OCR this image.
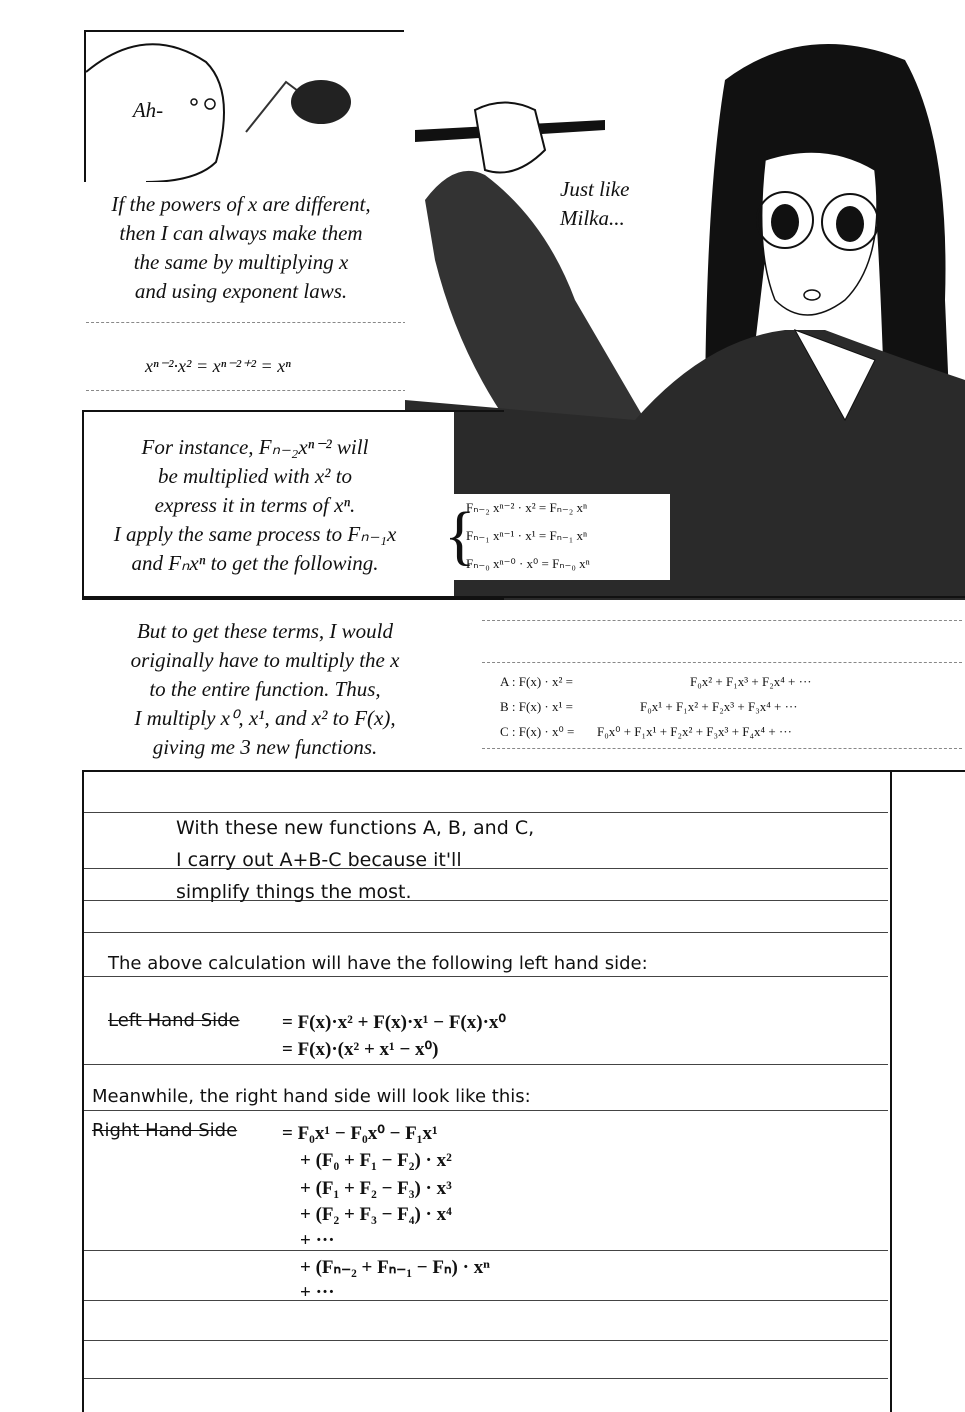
Ah-
If the powers of x are different,
then I can always make them
the same by multiplying x
and using exponent laws.
xⁿ⁻²·x² = xⁿ⁻²⁺² = xⁿ
Just like
Milka...
For instance, Fₙ₋₂xⁿ⁻² will
be multiplied with x² to
express it in terms of xⁿ.
I apply the same process to Fₙ₋₁x
and Fₙxⁿ to get the following. {
Fₙ₋₂ xⁿ⁻² · x² = Fₙ₋₂ xⁿ
Fₙ₋₁ xⁿ⁻¹ · x¹ = Fₙ₋₁ xⁿ
Fₙ₋₀ xⁿ⁻⁰ · x⁰ = Fₙ₋₀ xⁿ
But to get these terms, I would
originally have to multiply the x
to the entire function. Thus,
I multiply x⁰, x¹, and x² to F(x),
giving me 3 new functions.
A : F(x) · x² =	F₀x² + F₁x³ + F₂x⁴ + ···
B : F(x) · x¹ =	F₀x¹ + F₁x² + F₂x³ + F₃x⁴ + ···
C : F(x) · x⁰ = F₀x⁰ + F₁x¹ + F₂x² + F₃x³ + F₄x⁴ + ···
With these new functions A, B, and C,
I carry out A+B-C because it'll
simplify things the most.
The above calculation will have the following left hand side:
Left Hand Side = F(x)·x² + F(x)·x¹ − F(x)·x⁰
= F(x)·(x² + x¹ − x⁰)
Meanwhile, the right hand side will look like this:
Right Hand Side = F₀x¹ − F₀x⁰ − F₁x¹
+ (F₀ + F₁ − F₂) · x²
+ (F₁ + F₂ − F₃) · x³
+ (F₂ + F₃ − F₄) · x⁴
+ ···
+ (Fₙ₋₂ + Fₙ₋₁ − Fₙ) · xⁿ
+ ···
